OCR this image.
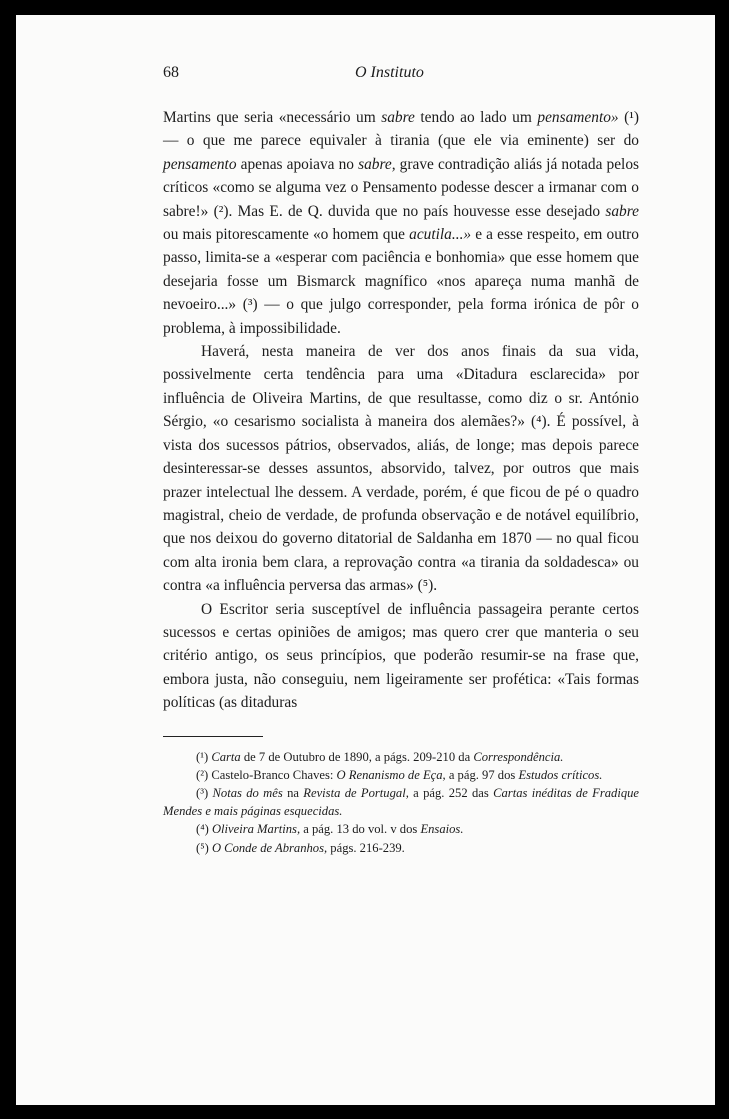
68	O Instituto

Martins que seria «necessário um sabre tendo ao lado um pensamento» (¹) — o que me parece equivaler à tirania (que ele via eminente) ser do pensamento apenas apoiava no sabre, grave contradição aliás já notada pelos críticos «como se alguma vez o Pensamento podesse descer a irmanar com o sabre!» (²). Mas E. de Q. duvida que no país houvesse esse desejado sabre ou mais pitorescamente «o homem que acutila...» e a esse respeito, em outro passo, limita-se a «esperar com paciência e bonhomia» que esse homem que desejaria fosse um Bismarck magnífico «nos apareça numa manhã de nevoeiro...» (³) — o que julgo corresponder, pela forma irónica de pôr o problema, à impossibilidade.

Haverá, nesta maneira de ver dos anos finais da sua vida, possivelmente certa tendência para uma «Ditadura esclarecida» por influência de Oliveira Martins, de que resultasse, como diz o sr. António Sérgio, «o cesarismo socialista à maneira dos alemães?» (⁴). É possível, à vista dos sucessos pátrios, observados, aliás, de longe; mas depois parece desinteressar-se desses assuntos, absorvido, talvez, por outros que mais prazer intelectual lhe dessem. A verdade, porém, é que ficou de pé o quadro magistral, cheio de verdade, de profunda observação e de notável equilíbrio, que nos deixou do governo ditatorial de Saldanha em 1870 — no qual ficou com alta ironia bem clara, a reprovação contra «a tirania da soldadesca» ou contra «a influência perversa das armas» (⁵).

O Escritor seria susceptível de influência passageira perante certos sucessos e certas opiniões de amigos; mas quero crer que manteria o seu critério antigo, os seus princípios, que poderão resumir-se na frase que, embora justa, não conseguiu, nem ligeiramente ser profética: «Tais formas políticas (as ditaduras

(¹) Carta de 7 de Outubro de 1890, a págs. 209-210 da Correspondência.
(²) Castelo-Branco Chaves: O Renanismo de Eça, a pág. 97 dos Estudos críticos.
(³) Notas do mês na Revista de Portugal, a pág. 252 das Cartas inéditas de Fradique Mendes e mais páginas esquecidas.
(⁴) Oliveira Martins, a pág. 13 do vol. v dos Ensaios.
(⁵) O Conde de Abranhos, págs. 216-239.
